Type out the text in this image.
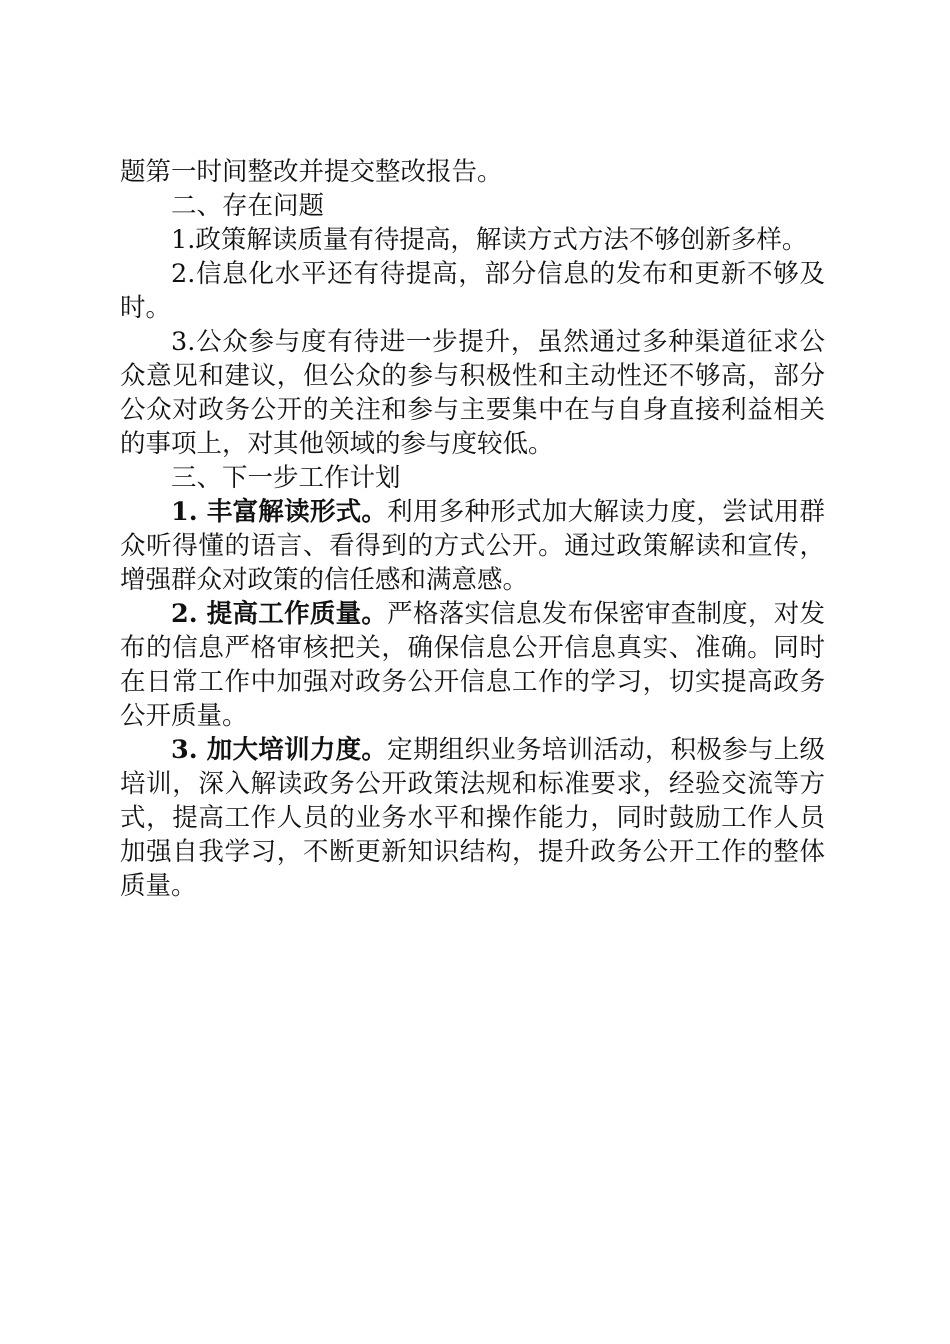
题第一时间整改并提交整改报告。

二、存在问题

1.政策解读质量有待提高，解读方式方法不够创新多样。

2.信息化水平还有待提高，部分信息的发布和更新不够及时。

3.公众参与度有待进一步提升，虽然通过多种渠道征求公众意见和建议，但公众的参与积极性和主动性还不够高，部分公众对政务公开的关注和参与主要集中在与自身直接利益相关的事项上，对其他领域的参与度较低。

三、下一步工作计划

1. 丰富解读形式。利用多种形式加大解读力度，尝试用群众听得懂的语言、看得到的方式公开。通过政策解读和宣传，增强群众对政策的信任感和满意感。

2. 提高工作质量。严格落实信息发布保密审查制度，对发布的信息严格审核把关，确保信息公开信息真实、准确。同时在日常工作中加强对政务公开信息工作的学习，切实提高政务公开质量。

3. 加大培训力度。定期组织业务培训活动，积极参与上级培训，深入解读政务公开政策法规和标准要求，经验交流等方式，提高工作人员的业务水平和操作能力，同时鼓励工作人员加强自我学习，不断更新知识结构，提升政务公开工作的整体质量。
